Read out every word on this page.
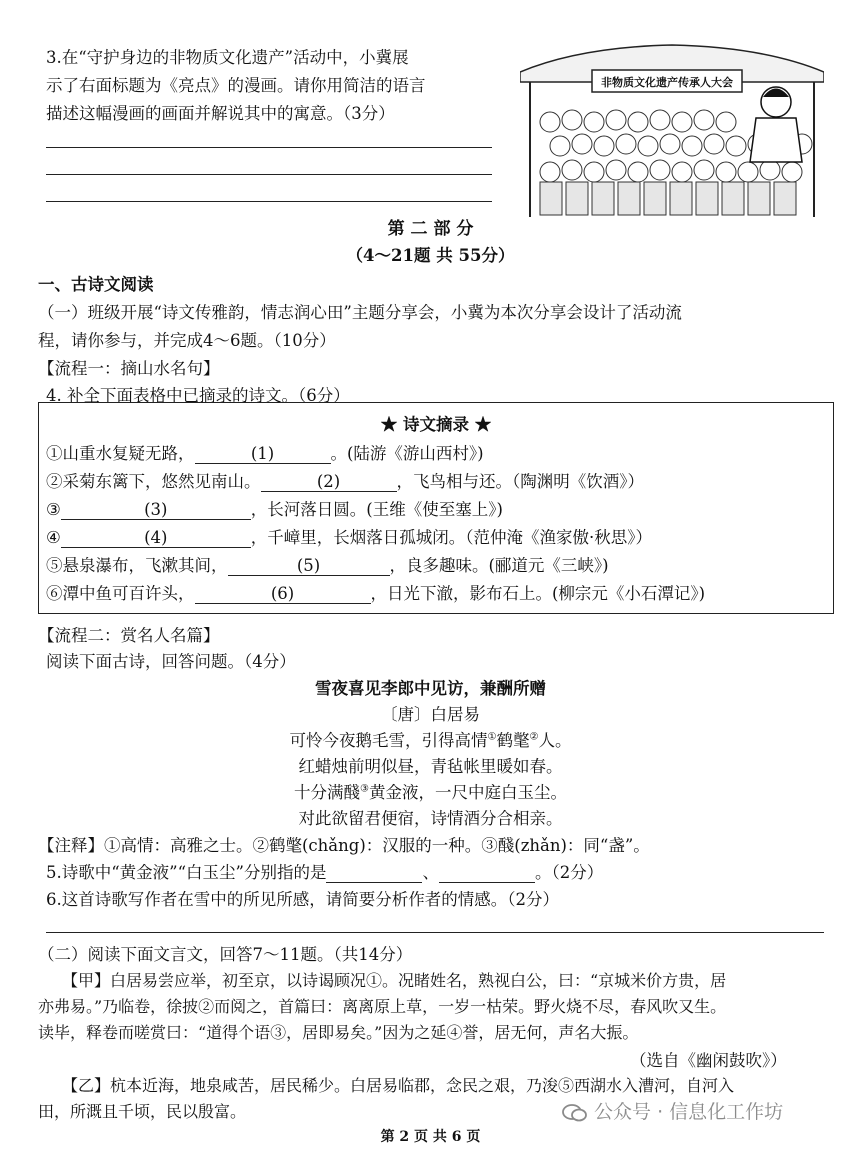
3.在“守护身边的非物质文化遗产”活动中，小冀展
示了右面标题为《亮点》的漫画。请你用简洁的语言
描述这幅漫画的画面并解说其中的寓意。（3分）
非物质文化遗产传承人大会
第 二 部 分
（4～21题 共 55分）
一、古诗文阅读
（一）班级开展“诗文传雅韵，情志润心田”主题分享会，小冀为本次分享会设计了活动流
程，请你参与，并完成4～6题。（10分）
【流程一：摘山水名句】
4. 补全下面表格中已摘录的诗文。（6分）
★ 诗文摘录 ★
①山重水复疑无路，	(1)	。(陆游《游山西村》)
②采菊东篱下，悠然见南山。	(2)	，飞鸟相与还。（陶渊明《饮酒》）
③	(3)	，长河落日圆。(王维《使至塞上》)
④	(4)	，千嶂里，长烟落日孤城闭。（范仲淹《渔家傲·秋思》）
⑤悬泉瀑布，飞漱其间，	(5)	，良多趣味。(郦道元《三峡》)
⑥潭中鱼可百许头，	(6)	，日光下澈，影布石上。(柳宗元《小石潭记》)
【流程二：赏名人名篇】
阅读下面古诗，回答问题。（4分）
雪夜喜见李郎中见访，兼酬所赠
〔唐〕白居易
可怜今夜鹅毛雪，引得高情①鹤氅②人。
红蜡烛前明似昼，青毡帐里暖如春。
十分满醆③黄金液，一尺中庭白玉尘。
对此欲留君便宿，诗情酒分合相亲。
【注释】①高情：高雅之士。②鹤氅(chǎng)：汉服的一种。③醆(zhǎn)：同“盏”。
5.诗歌中“黄金液”“白玉尘”分别指的是	、	。（2分）
6.这首诗歌写作者在雪中的所见所感，请简要分析作者的情感。（2分）
（二）阅读下面文言文，回答7～11题。（共14分）
【甲】白居易尝应举，初至京，以诗谒顾况①。况睹姓名，熟视白公，曰：“京城米价方贵，居
亦弗易。”乃临卷，徐披②而阅之，首篇曰：离离原上草，一岁一枯荣。野火烧不尽，春风吹又生。
读毕，释卷而嗟赏曰：“道得个语③，居即易矣。”因为之延④誉，居无何，声名大振。
（选自《幽闲鼓吹》）
【乙】杭本近海，地泉咸苦，居民稀少。白居易临郡，念民之艰，乃浚⑤西湖水入漕河，自河入
田，所溉且千顷，民以殷富。
第 2 页 共 6 页
公众号 · 信息化工作坊
